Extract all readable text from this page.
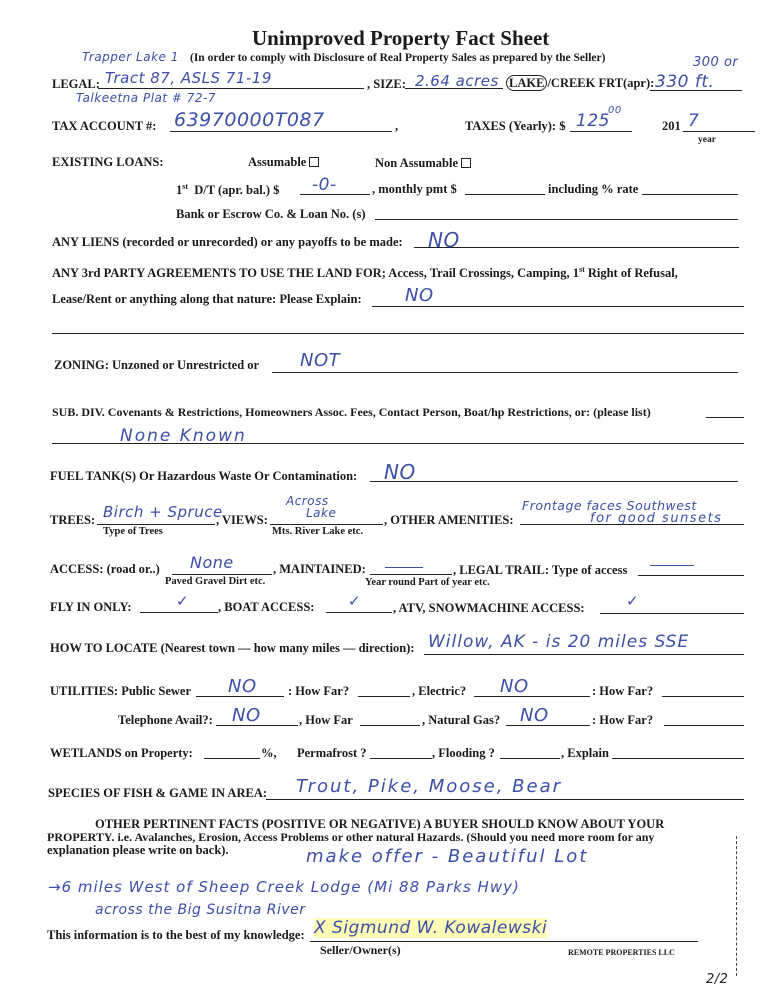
Unimproved Property Fact Sheet
(In order to comply with Disclosure of Real Property Sales as prepared by the Seller)
Trapper Lake 1
LEGAL: Tract 87, ASLS 71-19
Talkeetna Plat # 72-7
, SIZE: 2.64 acres LAKE /CREEK FRT(apr):
300 or
330 ft.
TAX ACCOUNT #: 63970000T087	,	TAXES (Yearly): $ 125
00
201 7
year
EXISTING LOANS:	Assumable	Non Assumable
1st D/T (apr. bal.) $ -0-	, monthly pmt $	including % rate
Bank or Escrow Co. & Loan No. (s)
ANY LIENS (recorded or unrecorded) or any payoffs to be made: NO
ANY 3rd PARTY AGREEMENTS TO USE THE LAND FOR; Access, Trail Crossings, Camping, 1st Right of Refusal,
Lease/Rent or anything along that nature: Please Explain: NO
ZONING: Unzoned or Unrestricted or NOT
SUB. DIV. Covenants & Restrictions, Homeowners Assoc. Fees, Contact Person, Boat/hp Restrictions, or: (please list)
None Known
FUEL TANK(S) Or Hazardous Waste Or Contamination: NO
TREES: Birch + Spruce
Type of Trees
, VIEWS:
Across
Lake
Mts. River Lake etc.
, OTHER AMENITIES:
Frontage faces Southwest
for good sunsets
ACCESS: (road or..) None
Paved Gravel Dirt etc.
, MAINTAINED:
Year round Part of year etc.
, LEGAL TRAIL: Type of access
FLY IN ONLY:	✓ , BOAT ACCESS: ✓	, ATV, SNOWMACHINE ACCESS:	✓
HOW TO LOCATE (Nearest town — how many miles — direction): Willow, AK - is 20 miles SSE
UTILITIES: Public Sewer NO	: How Far?	, Electric? NO	: How Far?
Telephone Avail?: NO	, How Far	, Natural Gas? NO	: How Far?
WETLANDS on Property:	%, Permafrost ?	, Flooding ?	, Explain
SPECIES OF FISH & GAME IN AREA: Trout, Pike, Moose, Bear
OTHER PERTINENT FACTS (POSITIVE OR NEGATIVE) A BUYER SHOULD KNOW ABOUT YOUR
PROPERTY. i.e. Avalanches, Erosion, Access Problems or other natural Hazards. (Should you need more room for any
explanation please write on back).	make offer - Beautiful Lot
→6 miles West of Sheep Creek Lodge (Mi 88 Parks Hwy)
across the Big Susitna River
This information is to the best of my knowledge: X Sigmund W. Kowalewski
Seller/Owner(s)	REMOTE PROPERTIES LLC
2/2
